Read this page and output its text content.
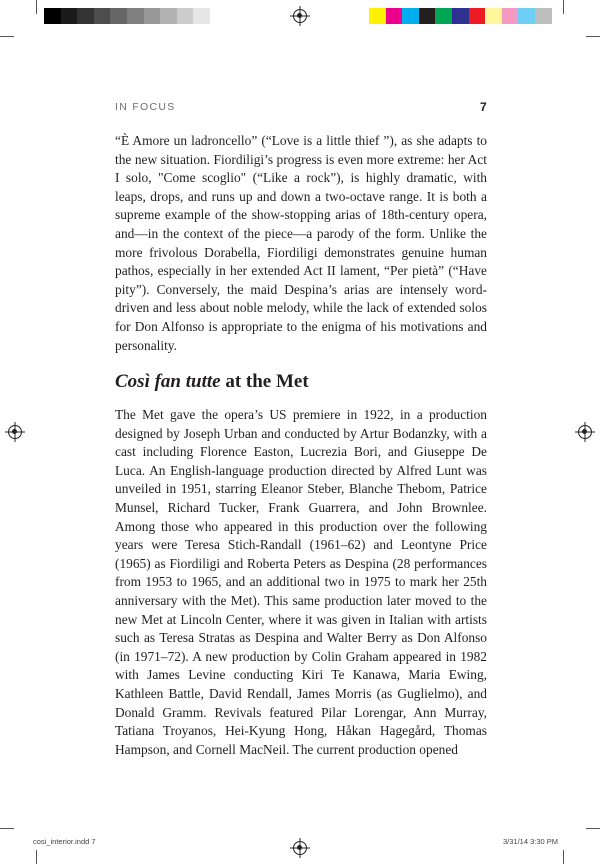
IN FOCUS	7

“È Amore un ladroncello” (“Love is a little thief ”), as she adapts to the new situation. Fiordiligi’s progress is even more extreme: her Act I solo, "Come scoglio" (“Like a rock”), is highly dramatic, with leaps, drops, and runs up and down a two-octave range. It is both a supreme example of the show-stopping arias of 18th-century opera, and—in the context of the piece—a parody of the form. Unlike the more frivolous Dorabella, Fiordiligi demonstrates genuine human pathos, especially in her extended Act II lament, “Per pietà” (“Have pity”). Conversely, the maid Despina’s arias are intensely word-driven and less about noble melody, while the lack of extended solos for Don Alfonso is appropriate to the enigma of his motivations and personality.

Così fan tutte at the Met

The Met gave the opera’s US premiere in 1922, in a production designed by Joseph Urban and conducted by Artur Bodanzky, with a cast including Florence Easton, Lucrezia Bori, and Giuseppe De Luca. An English-language production directed by Alfred Lunt was unveiled in 1951, starring Eleanor Steber, Blanche Thebom, Patrice Munsel, Richard Tucker, Frank Guarrera, and John Brownlee. Among those who appeared in this production over the following years were Teresa Stich-Randall (1961–62) and Leontyne Price (1965) as Fiordiligi and Roberta Peters as Despina (28 performances from 1953 to 1965, and an additional two in 1975 to mark her 25th anniversary with the Met). This same production later moved to the new Met at Lincoln Center, where it was given in Italian with artists such as Teresa Stratas as Despina and Walter Berry as Don Alfonso (in 1971–72). A new production by Colin Graham appeared in 1982 with James Levine conducting Kiri Te Kanawa, Maria Ewing, Kathleen Battle, David Rendall, James Morris (as Guglielmo), and Donald Gramm. Revivals featured Pilar Lorengar, Ann Murray, Tatiana Troyanos, Hei-Kyung Hong, Håkan Hagegård, Thomas Hampson, and Cornell MacNeil. The current production opened

cosi_interior.indd 7	3/31/14 3:30 PM
